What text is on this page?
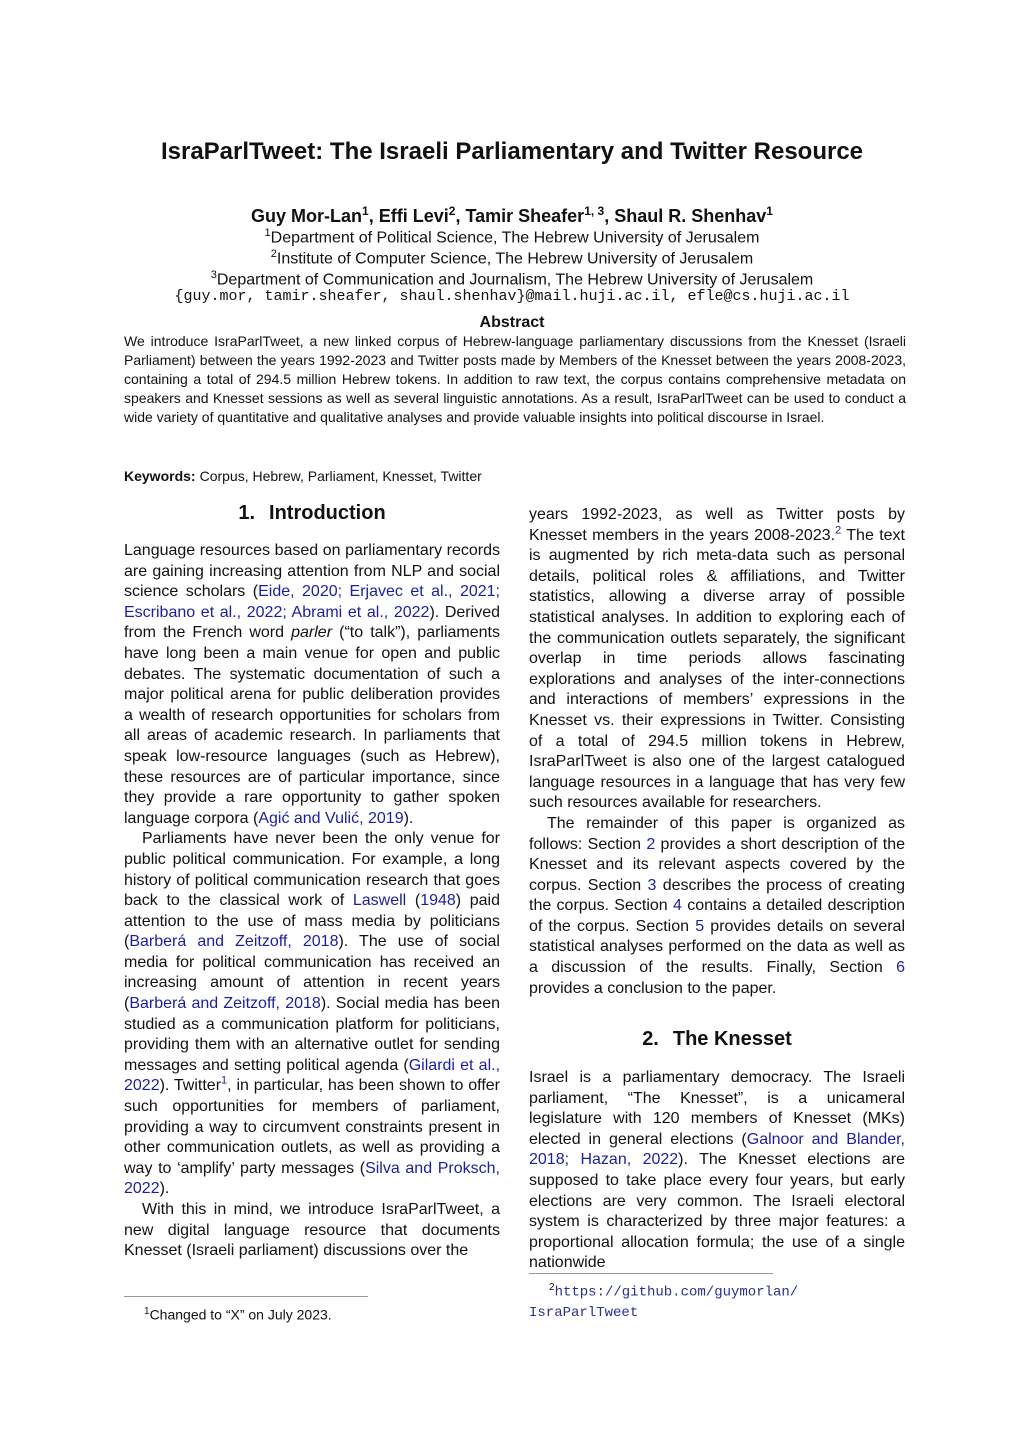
IsraParlTweet: The Israeli Parliamentary and Twitter Resource
Guy Mor-Lan$^1$, Effi Levi$^2$, Tamir Sheafer$^{1, 3}$, Shaul R. Shenhav$^1$
$^1$Department of Political Science, The Hebrew University of Jerusalem
$^2$Institute of Computer Science, The Hebrew University of Jerusalem
$^3$Department of Communication and Journalism, The Hebrew University of Jerusalem
{guy.mor, tamir.sheafer, shaul.shenhav}@mail.huji.ac.il, efle@cs.huji.ac.il
Abstract
We introduce IsraParlTweet, a new linked corpus of Hebrew-language parliamentary discussions from the Knesset (Israeli Parliament) between the years 1992-2023 and Twitter posts made by Members of the Knesset between the years 2008-2023, containing a total of 294.5 million Hebrew tokens. In addition to raw text, the corpus contains comprehensive metadata on speakers and Knesset sessions as well as several linguistic annotations. As a result, IsraParlTweet can be used to conduct a wide variety of quantitative and qualitative analyses and provide valuable insights into political discourse in Israel.
Keywords: Corpus, Hebrew, Parliament, Knesset, Twitter
1. Introduction

Language resources based on parliamentary records are gaining increasing attention from NLP and social science scholars (Eide, 2020; Erjavec et al., 2021; Escribano et al., 2022; Abrami et al., 2022). Derived from the French word parler (“to talk”), parliaments have long been a main venue for open and public debates. The systematic documentation of such a major political arena for public deliberation provides a wealth of research opportunities for scholars from all areas of academic research. In parliaments that speak low-resource languages (such as Hebrew), these resources are of particular importance, since they provide a rare opportunity to gather spoken language corpora (Agić and Vulić, 2019).

Parliaments have never been the only venue for public political communication. For example, a long history of political communication research that goes back to the classical work of Laswell (1948) paid attention to the use of mass media by politicians (Barberá and Zeitzoff, 2018). The use of social media for political communication has received an increasing amount of attention in recent years (Barberá and Zeitzoff, 2018). Social media has been studied as a communication platform for politicians, providing them with an alternative outlet for sending messages and setting political agenda (Gilardi et al., 2022). Twitter$^1$, in particular, has been shown to offer such opportunities for members of parliament, providing a way to circumvent constraints present in other communication outlets, as well as providing a way to ‘amplify’ party messages (Silva and Proksch, 2022).

With this in mind, we introduce IsraParlTweet, a new digital language resource that documents Knesset (Israeli parliament) discussions over the

years 1992-2023, as well as Twitter posts by Knesset members in the years 2008-2023.$^2$ The text is augmented by rich meta-data such as personal details, political roles & affiliations, and Twitter statistics, allowing a diverse array of possible statistical analyses. In addition to exploring each of the communication outlets separately, the significant overlap in time periods allows fascinating explorations and analyses of the inter-connections and interactions of members’ expressions in the Knesset vs. their expressions in Twitter. Consisting of a total of 294.5 million tokens in Hebrew, IsraParlTweet is also one of the largest catalogued language resources in a language that has very few such resources available for researchers.

The remainder of this paper is organized as follows: Section 2 provides a short description of the Knesset and its relevant aspects covered by the corpus. Section 3 describes the process of creating the corpus. Section 4 contains a detailed description of the corpus. Section 5 provides details on several statistical analyses performed on the data as well as a discussion of the results. Finally, Section 6 provides a conclusion to the paper.

2. The Knesset

Israel is a parliamentary democracy. The Israeli parliament, “The Knesset”, is a unicameral legislature with 120 members of Knesset (MKs) elected in general elections (Galnoor and Blander, 2018; Hazan, 2022). The Knesset elections are supposed to take place every four years, but early elections are very common. The Israeli electoral system is characterized by three major features: a proportional allocation formula; the use of a single nationwide

$^1$Changed to “X” on July 2023.
$^2$https://github.com/guymorlan/
IsraParlTweet
